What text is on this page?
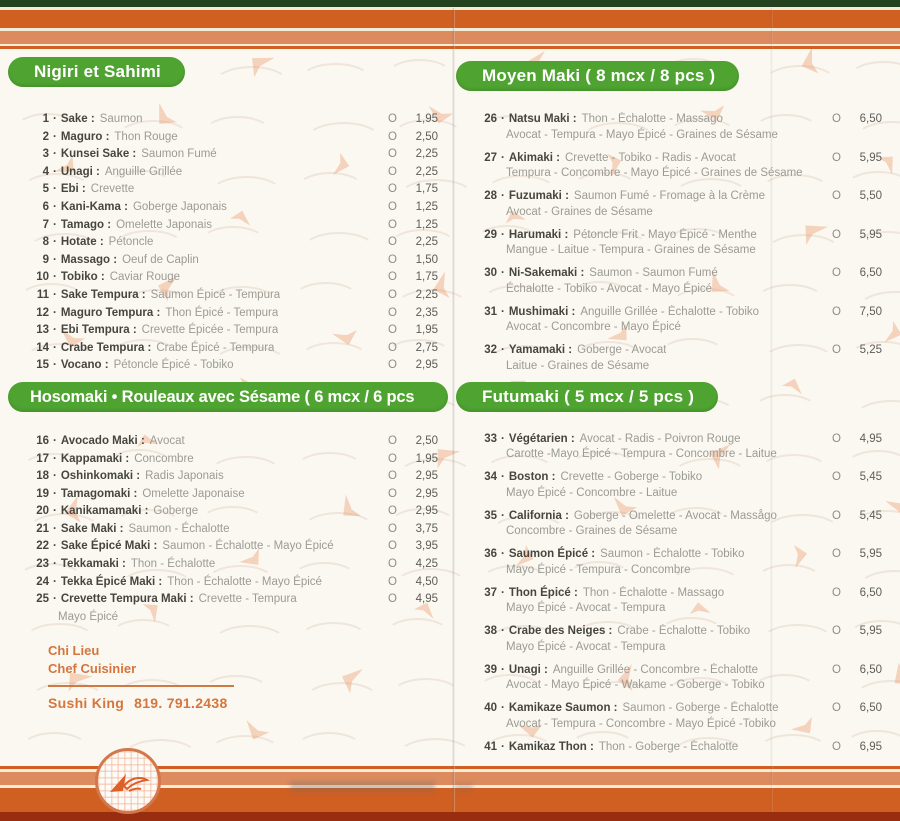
Nigiri et Sahimi
1 · Sake : Saumon	O 1,95
2 · Maguro : Thon Rouge	O 2,50
3 · Kunsei Sake : Saumon Fumé	O 2,25
4 · Unagi : Anguille Grillée	O 2,25
5 · Ebi : Crevette	O 1,75
6 · Kani-Kama : Goberge Japonais	O 1,25
7 · Tamago : Omelette Japonais	O 1,25
8 · Hotate : Pétoncle	O 2,25
9 · Massago : Oeuf de Caplin	O 1,50
10 · Tobiko : Caviar Rouge	O 1,75
11 · Sake Tempura : Saumon Épicé - Tempura	O 2,25
12 · Maguro Tempura : Thon Épicé - Tempura	O 2,35
13 · Ebi Tempura : Crevette Épicée - Tempura	O 1,95
14 · Crabe Tempura : Crabe Épicé - Tempura	O 2,75
15 · Vocano : Pétoncle Épicé - Tobiko	O 2,95
Hosomaki • Rouleaux avec Sésame ( 6 mcx / 6 pcs
16 · Avocado Maki : Avocat	O 2,50
17 · Kappamaki : Concombre	O 1,95
18 · Oshinkomaki : Radis Japonais	O 2,95
19 · Tamagomaki : Omelette Japonaise	O 2,95
20 · Kanikamamaki : Goberge	O 2,95
21 · Sake Maki : Saumon - Échalotte	O 3,75
22 · Sake Épicé Maki : Saumon - Échalotte - Mayo Épicé	O 3,95
23 · Tekkamaki : Thon - Échalotte	O 4,25
24 · Tekka Épicé Maki : Thon - Échalotte - Mayo Épicé	O 4,50
25 · Crevette Tempura Maki : Crevette - Tempura	O 4,95
Mayo Épicé
Chi Lieu
Chef Cuisinier
Sushi King 819. 791.2438
Moyen Maki ( 8 mcx / 8 pcs )
26 · Natsu Maki : Thon - Échalotte - Massago	O 6,50
Avocat - Tempura - Mayo Épicé - Graines de Sésame
27 · Akimaki : Crevette - Tobiko - Radis - Avocat	O 5,95
Tempura - Concombre - Mayo Épicé - Graines de Sésame
28 · Fuzumaki : Saumon Fumé - Fromage à la Crème	O 5,50
Avocat - Graines de Sésame
29 · Harumaki : Pétoncle Frit - Mayo Épicé - Menthe	O 5,95
Mangue - Laitue - Tempura - Graines de Sésame
30 · Ni-Sakemaki : Saumon - Saumon Fumé	O 6,50
Échalotte - Tobiko - Avocat - Mayo Épicé
31 · Mushimaki : Anguille Grillée - Échalotte - Tobiko	O 7,50
Avocat - Concombre - Mayo Épicé
32 · Yamamaki : Goberge - Avocat	O 5,25
Laitue - Graines de Sésame
Futumaki ( 5 mcx / 5 pcs )
33 · Végétarien : Avocat - Radis - Poivron Rouge	O 4,95
Carotte -Mayo Épicé - Tempura - Concombre - Laitue
34 · Boston : Crevette - Goberge - Tobiko	O 5,45
Mayo Épicé - Concombre - Laitue
35 · California : Goberge - Omelette - Avocat - Massågo	O 5,45
Concombre - Graines de Sésame
36 · Saumon Épicé : Saumon - Échalotte - Tobiko	O 5,95
Mayo Épicé - Tempura - Concombre
37 · Thon Épicé : Thon - Échalotte - Massago	O 6,50
Mayo Épicé - Avocat - Tempura
38 · Crabe des Neiges : Crabe - Échalotte - Tobiko	O 5,95
Mayo Épicé - Avocat - Tempura
39 · Unagi : Anguille Grillée - Concombre - Échalotte	O 6,50
Avocat - Mayo Épicé - Wakame - Goberge - Tobiko
40 · Kamikaze Saumon : Saumon - Goberge - Échalotte	O 6,50
Avocat - Tempura - Concombre - Mayo Épicé -Tobiko
41 · Kamikaz Thon : Thon - Goberge - Échalotte	O 6,95
